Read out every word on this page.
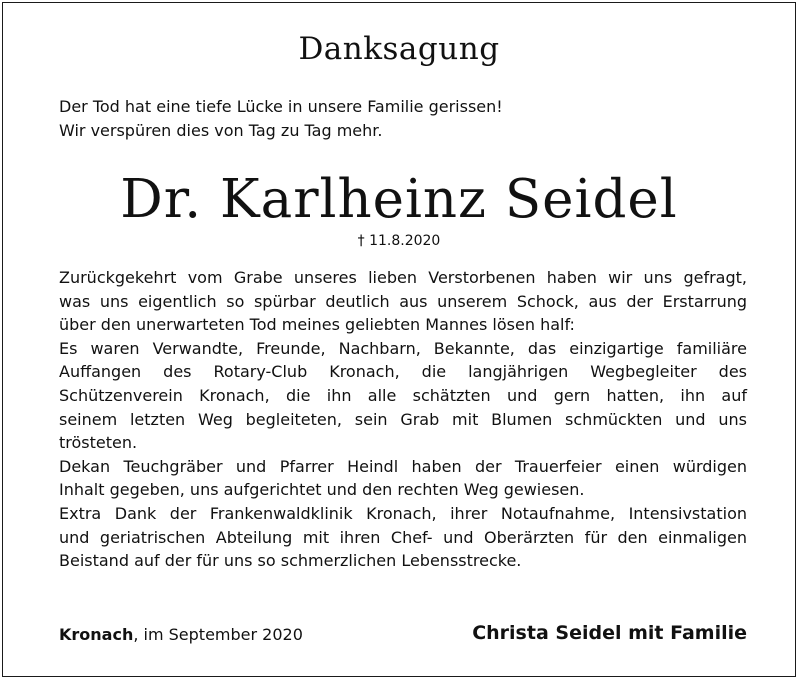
Danksagung
Der Tod hat eine tiefe Lücke in unsere Familie gerissen!
Wir verspüren dies von Tag zu Tag mehr.
Dr. Karlheinz Seidel
† 11.8.2020
Zurückgekehrt vom Grabe unseres lieben Verstorbenen haben wir uns gefragt,
was uns eigentlich so spürbar deutlich aus unserem Schock, aus der Erstarrung
über den unerwarteten Tod meines geliebten Mannes lösen half:
Es waren Verwandte, Freunde, Nachbarn, Bekannte, das einzigartige familiäre
Auffangen des Rotary-Club Kronach, die langjährigen Wegbegleiter des
Schützenverein Kronach, die ihn alle schätzten und gern hatten, ihn auf
seinem letzten Weg begleiteten, sein Grab mit Blumen schmückten und uns
trösteten.
Dekan Teuchgräber und Pfarrer Heindl haben der Trauerfeier einen würdigen
Inhalt gegeben, uns aufgerichtet und den rechten Weg gewiesen.
Extra Dank der Frankenwaldklinik Kronach, ihrer Notaufnahme, Intensivstation
und geriatrischen Abteilung mit ihren Chef- und Oberärzten für den einmaligen
Beistand auf der für uns so schmerzlichen Lebensstrecke.
Kronach, im September 2020	Christa Seidel mit Familie
